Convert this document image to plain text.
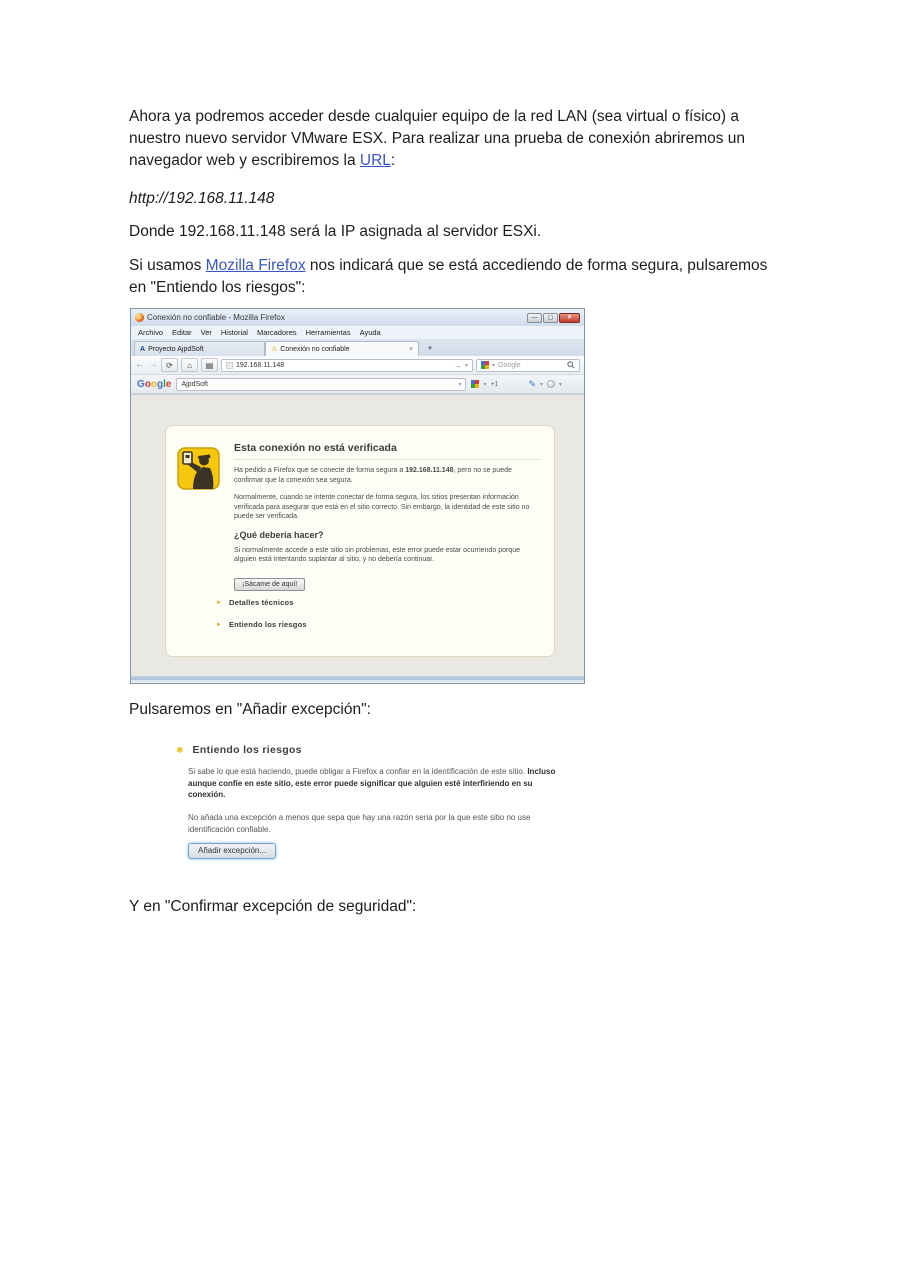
Ahora ya podremos acceder desde cualquier equipo de la red LAN (sea virtual o físico) a nuestro nuevo servidor VMware ESX. Para realizar una prueba de conexión abriremos un navegador web y escribiremos la URL:

http://192.168.11.148

Donde 192.168.11.148 será la IP asignada al servidor ESXi.

Si usamos Mozilla Firefox nos indicará que se está accediendo de forma segura, pulsaremos en "Entiendo los riesgos":

Conexión no confiable - Mozilla Firefox	—	▢	×
Archivo Editar Ver Historial Marcadores Herramientas Ayuda
A Proyecto AjpdSoft	⚠ Conexión no confiable	×	+
← →	⟳	⌂	▤	192.168.11.148	→ ▾	▾ Google
Google AjpdSoft	▾	▾ +1	✎ ▾	▾
Esta conexión no está verificada

Ha pedido a Firefox que se conecte de forma segura a 192.168.11.148, pero no se puede confirmar que la conexión sea segura.

Normalmente, cuando se intente conectar de forma segura, los sitios presentan información verificada para asegurar que está en el sitio correcto. Sin embargo, la identidad de este sitio no puede ser verificada.

¿Qué debería hacer?

Si normalmente accede a este sitio sin problemas, este error puede estar ocurriendo porque alguien está intentando suplantar al sitio, y no debería continuar.

¡Sácame de aquí!
► Detalles técnicos
► Entiendo los riesgos

Pulsaremos en "Añadir excepción":

✱ Entiendo los riesgos

Si sabe lo que está haciendo, puede obligar a Firefox a confiar en la identificación de este sitio. Incluso aunque confíe en este sitio, este error puede significar que alguien esté interfiriendo en su conexión.

No añada una excepción a menos que sepa que hay una razón seria por la que este sitio no use identificación confiable.

Añadir excepción...

Y en "Confirmar excepción de seguridad":
